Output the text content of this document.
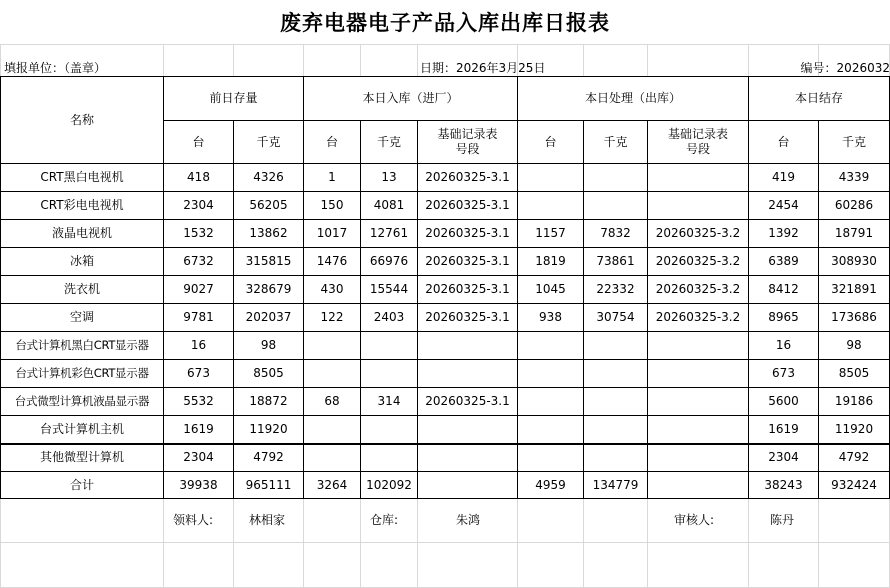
废弃电器电子产品入库出库日报表
填报单位：（盖章）	日期：2026年3月25日	编号：2026032
名称	前日存量		本日入库（进厂）			本日处理（出库）			本日结存	
	台	千克	台	千克	基础记录表号段	台	千克	基础记录表号段	台	千克
CRT黑白电视机	418	4326	1	13	20260325-3.1				419	4339
CRT彩电电视机	2304	56205	150	4081	20260325-3.1				2454	60286
液晶电视机	1532	13862	1017	12761	20260325-3.1	1157	7832	20260325-3.2	1392	18791
冰箱	6732	315815	1476	66976	20260325-3.1	1819	73861	20260325-3.2	6389	308930
洗衣机	9027	328679	430	15544	20260325-3.1	1045	22332	20260325-3.2	8412	321891
空调	9781	202037	122	2403	20260325-3.1	938	30754	20260325-3.2	8965	173686
台式计算机黑白CRT显示器	16	98							16	98
台式计算机彩色CRT显示器	673	8505							673	8505
台式微型计算机液晶显示器	5532	18872	68	314	20260325-3.1				5600	19186
台式计算机主机	1619	11920							1619	11920
其他微型计算机	2304	4792							2304	4792
合计	39938	965111	3264	102092		4959	134779		38243	932424
领料人:	林相家	仓库:	朱鸿	审核人:	陈丹
